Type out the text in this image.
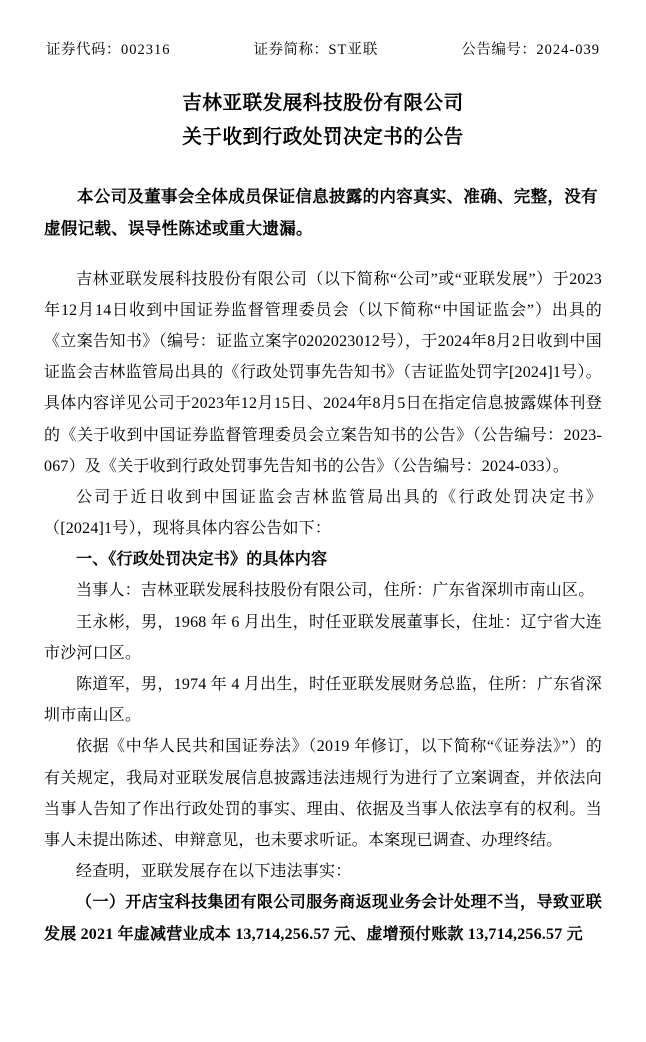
证券代码：002316	证券简称：ST亚联	公告编号：2024-039
吉林亚联发展科技股份有限公司
关于收到行政处罚决定书的公告
本公司及董事会全体成员保证信息披露的内容真实、准确、完整，没有虚假记载、误导性陈述或重大遗漏。
吉林亚联发展科技股份有限公司（以下简称“公司”或“亚联发展”）于2023年12月14日收到中国证券监督管理委员会（以下简称“中国证监会”）出具的《立案告知书》（编号：证监立案字0202023012号），于2024年8月2日收到中国证监会吉林监管局出具的《行政处罚事先告知书》（吉证监处罚字[2024]1号）。具体内容详见公司于2023年12月15日、2024年8月5日在指定信息披露媒体刊登的《关于收到中国证券监督管理委员会立案告知书的公告》（公告编号：2023-067）及《关于收到行政处罚事先告知书的公告》（公告编号：2024-033）。
公司于近日收到中国证监会吉林监管局出具的《行政处罚决定书》（[2024]1号），现将具体内容公告如下：
一、《行政处罚决定书》的具体内容
当事人：吉林亚联发展科技股份有限公司，住所：广东省深圳市南山区。
王永彬，男，1968 年 6 月出生，时任亚联发展董事长，住址：辽宁省大连市沙河口区。
陈道军，男，1974 年 4 月出生，时任亚联发展财务总监，住所：广东省深圳市南山区。
依据《中华人民共和国证券法》（2019 年修订，以下简称“《证券法》”）的有关规定，我局对亚联发展信息披露违法违规行为进行了立案调查，并依法向当事人告知了作出行政处罚的事实、理由、依据及当事人依法享有的权利。当事人未提出陈述、申辩意见，也未要求听证。本案现已调查、办理终结。
经查明，亚联发展存在以下违法事实：
（一）开店宝科技集团有限公司服务商返现业务会计处理不当，导致亚联发展 2021 年虚减营业成本 13,714,256.57 元、虚增预付账款 13,714,256.57 元
